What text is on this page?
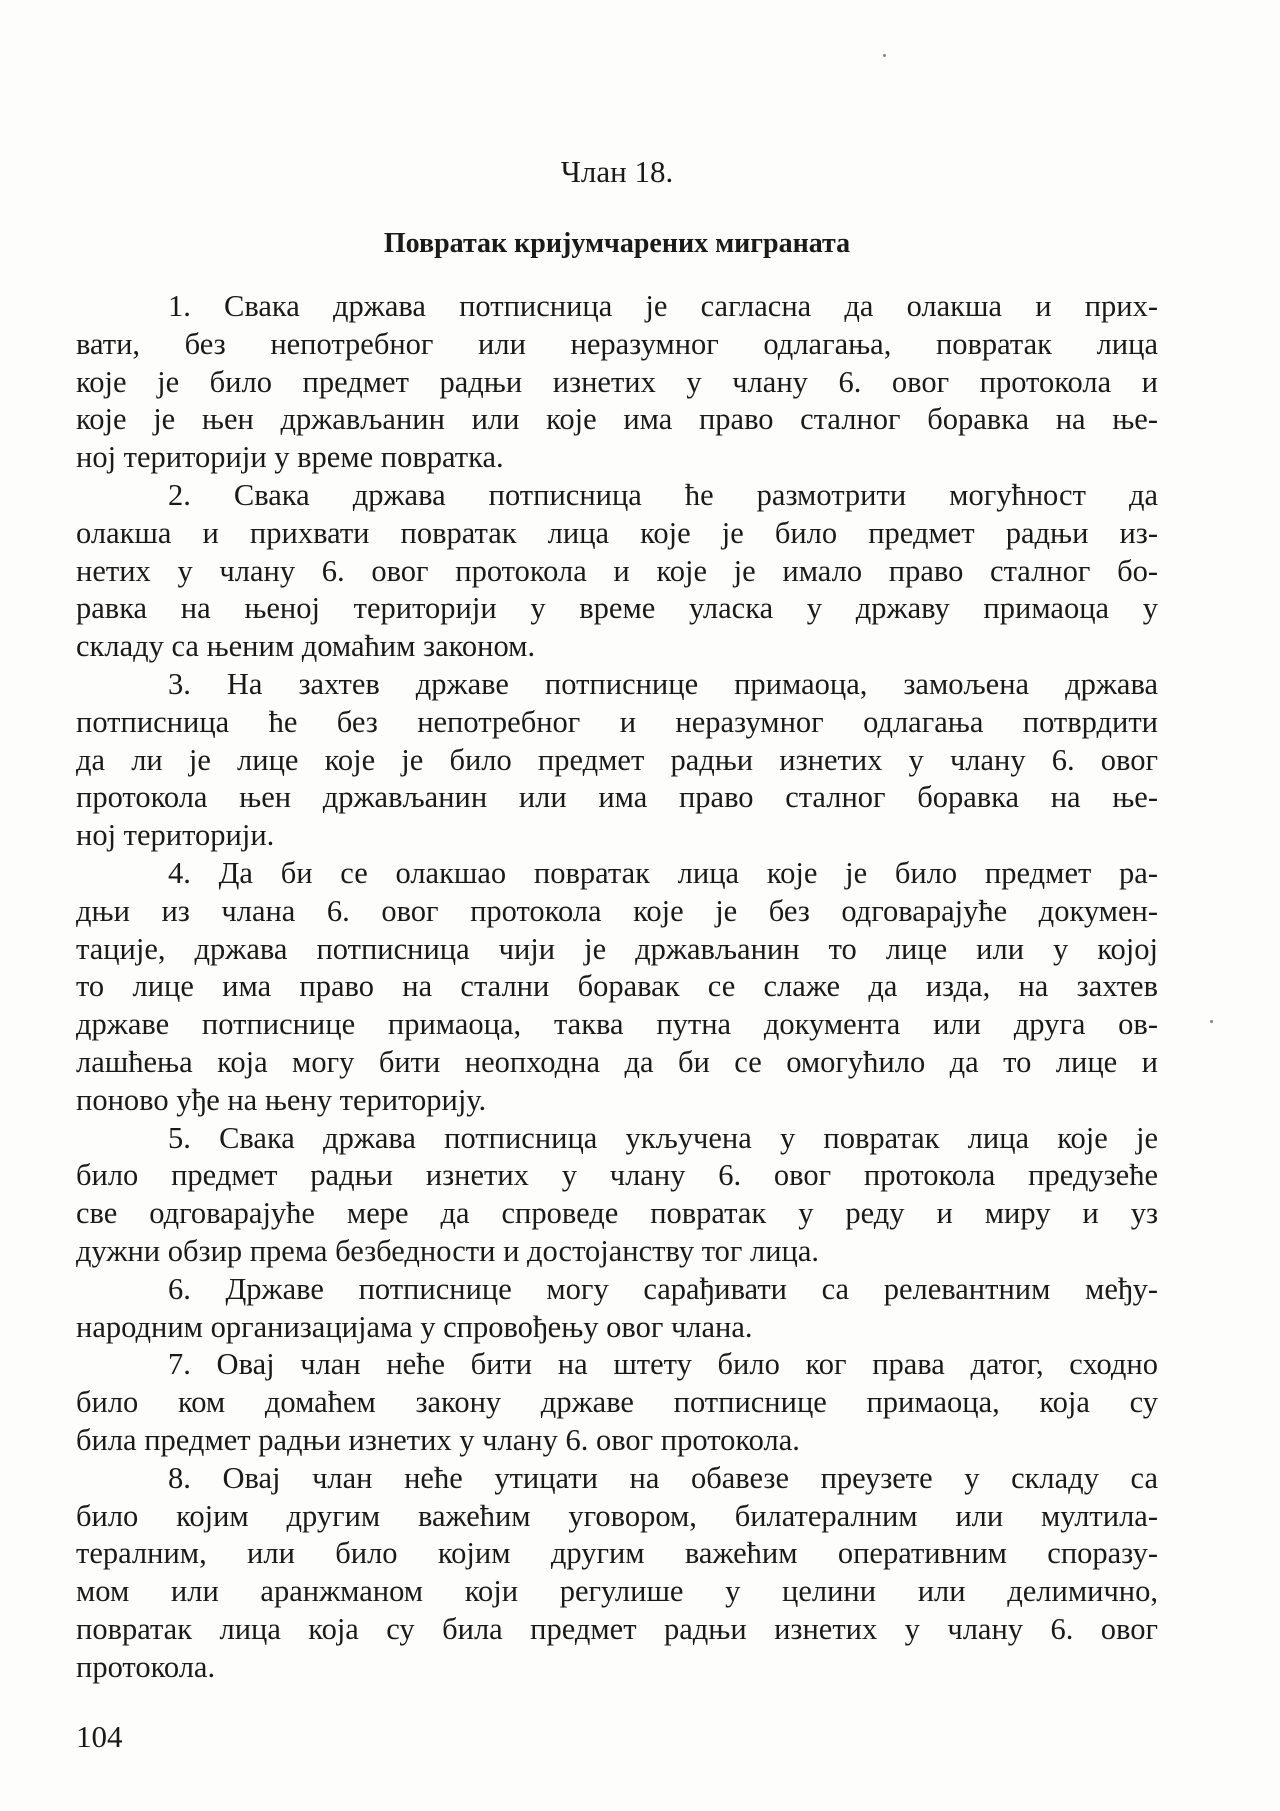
Члан 18.
Повратак кријумчарених миграната

1. Свака држава потписница је сагласна да олакша и прих-
вати, без непотребног или неразумног одлагања, повратак лица
које је било предмет радњи изнетих у члану 6. овог протокола и
које је њен држављанин или које има право сталног боравка на ње-
ној територији у време повратка.

2. Свака држава потписница ће размотрити могућност да
олакша и прихвати повратак лица које је било предмет радњи из-
нетих у члану 6. овог протокола и које је имало право сталног бо-
равка на њеној територији у време уласка у државу примаоца у
складу са њеним домаћим законом.

3. На захтев државе потписнице примаоца, замољена држава
потписница ће без непотребног и неразумног одлагања потврдити
да ли је лице које је било предмет радњи изнетих у члану 6. овог
протокола њен држављанин или има право сталног боравка на ње-
ној територији.

4. Да би се олакшао повратак лица које је било предмет ра-
дњи из члана 6. овог протокола које је без одговарајуће докумен-
тације, држава потписница чији је држављанин то лице или у којој
то лице има право на стални боравак се слаже да изда, на захтев
државе потписнице примаоца, таква путна документа или друга ов-
лашћења која могу бити неопходна да би се омогућило да то лице и
поново уђе на њену територију.

5. Свака држава потписница укључена у повратак лица које је
било предмет радњи изнетих у члану 6. овог протокола предузеће
све одговарајуће мере да спроведе повратак у реду и миру и уз
дужни обзир према безбедности и достојанству тог лица.

6. Државе потписнице могу сарађивати са релевантним међу-
народним организацијама у спровођењу овог члана.

7. Овај члан неће бити на штету било ког права датог, сходно
било ком домаћем закону државе потписнице примаоца, која су
била предмет радњи изнетих у члану 6. овог протокола.

8. Овај члан неће утицати на обавезе преузете у складу са
било којим другим важећим уговором, билатералним или мултила-
тералним, или било којим другим важећим оперативним споразу-
мом или аранжманом који регулише у целини или делимично,
повратак лица која су била предмет радњи изнетих у члану 6. овог
протокола.

104
